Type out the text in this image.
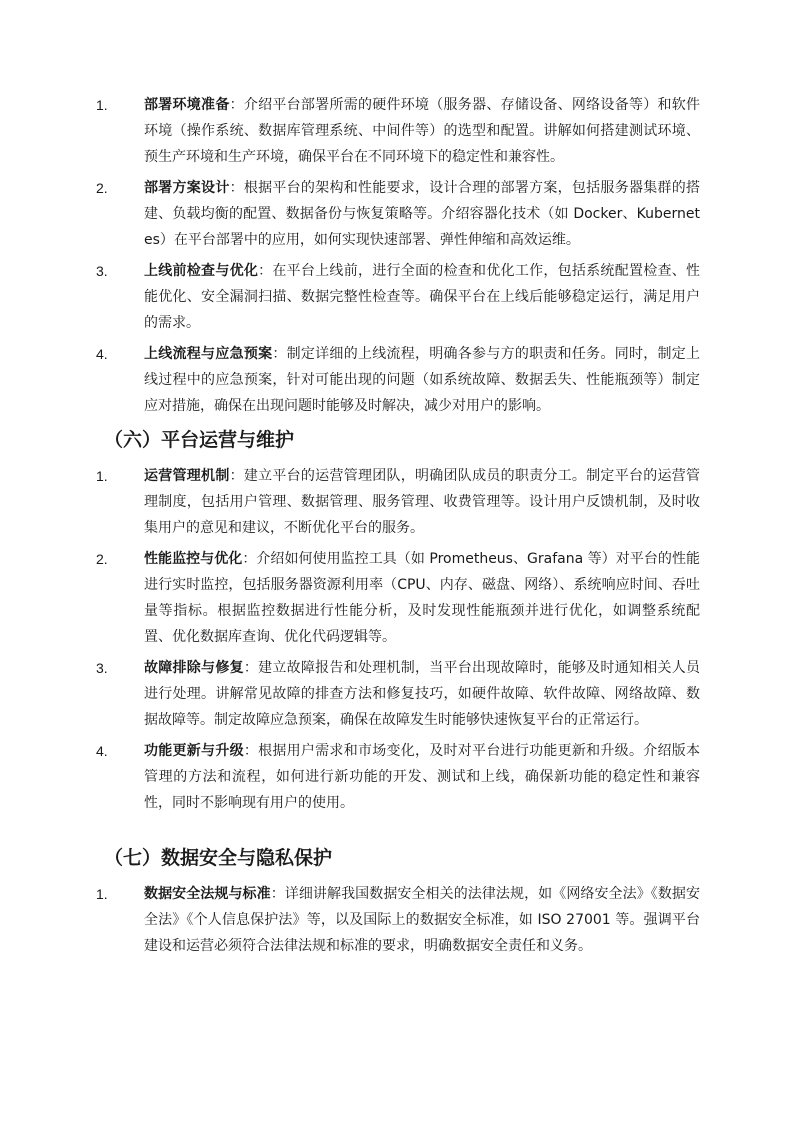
1.	部署环境准备：介绍平台部署所需的硬件环境（服务器、存储设备、网络设备等）和软件环境（操作系统、数据库管理系统、中间件等）的选型和配置。讲解如何搭建测试环境、预生产环境和生产环境，确保平台在不同环境下的稳定性和兼容性。
2.	部署方案设计：根据平台的架构和性能要求，设计合理的部署方案，包括服务器集群的搭建、负载均衡的配置、数据备份与恢复策略等。介绍容器化技术（如 Docker、Kubernetes）在平台部署中的应用，如何实现快速部署、弹性伸缩和高效运维。
3.	上线前检查与优化：在平台上线前，进行全面的检查和优化工作，包括系统配置检查、性能优化、安全漏洞扫描、数据完整性检查等。确保平台在上线后能够稳定运行，满足用户的需求。
4.	上线流程与应急预案：制定详细的上线流程，明确各参与方的职责和任务。同时，制定上线过程中的应急预案，针对可能出现的问题（如系统故障、数据丢失、性能瓶颈等）制定应对措施，确保在出现问题时能够及时解决，减少对用户的影响。
（六）平台运营与维护
1.	运营管理机制：建立平台的运营管理团队，明确团队成员的职责分工。制定平台的运营管理制度，包括用户管理、数据管理、服务管理、收费管理等。设计用户反馈机制，及时收集用户的意见和建议，不断优化平台的服务。
2.	性能监控与优化：介绍如何使用监控工具（如 Prometheus、Grafana 等）对平台的性能进行实时监控，包括服务器资源利用率（CPU、内存、磁盘、网络）、系统响应时间、吞吐量等指标。根据监控数据进行性能分析，及时发现性能瓶颈并进行优化，如调整系统配置、优化数据库查询、优化代码逻辑等。
3.	故障排除与修复：建立故障报告和处理机制，当平台出现故障时，能够及时通知相关人员进行处理。讲解常见故障的排查方法和修复技巧，如硬件故障、软件故障、网络故障、数据故障等。制定故障应急预案，确保在故障发生时能够快速恢复平台的正常运行。
4.	功能更新与升级：根据用户需求和市场变化，及时对平台进行功能更新和升级。介绍版本管理的方法和流程，如何进行新功能的开发、测试和上线，确保新功能的稳定性和兼容性，同时不影响现有用户的使用。
（七）数据安全与隐私保护
1.	数据安全法规与标准：详细讲解我国数据安全相关的法律法规，如《网络安全法》《数据安全法》《个人信息保护法》等，以及国际上的数据安全标准，如 ISO 27001 等。强调平台建设和运营必须符合法律法规和标准的要求，明确数据安全责任和义务。
